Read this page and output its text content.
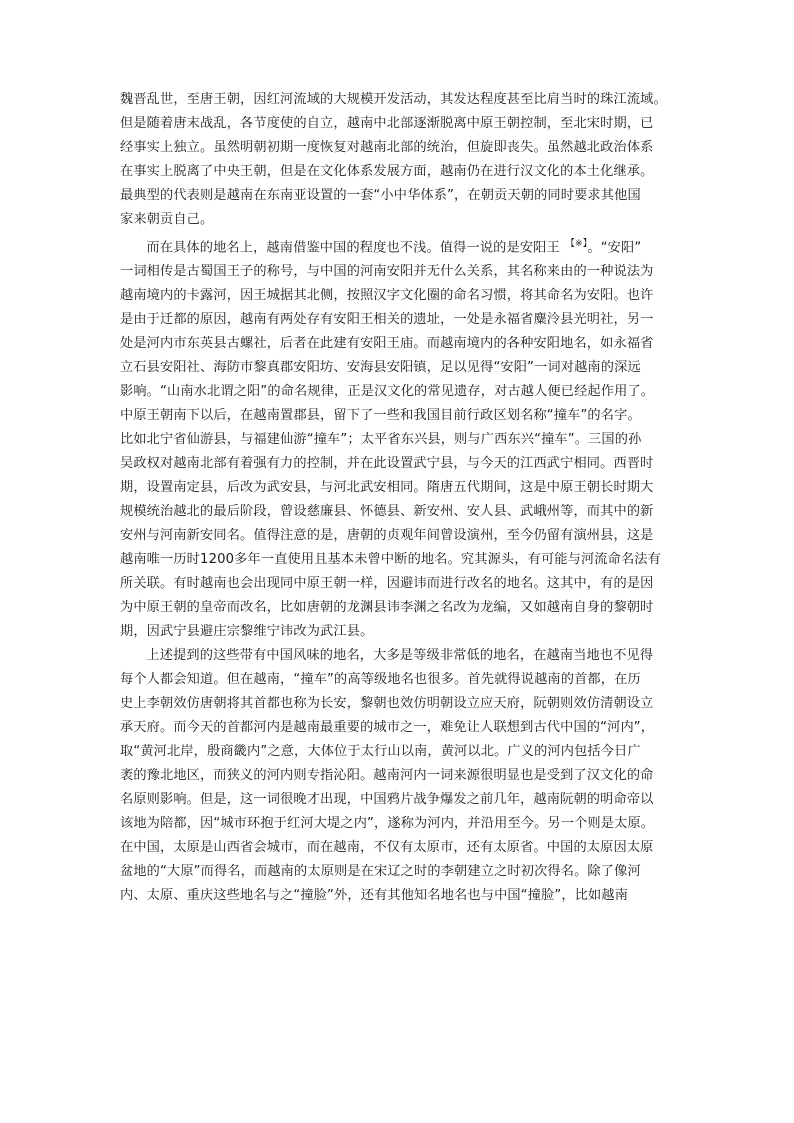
魏晋乱世，至唐王朝，因红河流域的大规模开发活动，其发达程度甚至比肩当时的珠江流域。

但是随着唐末战乱，各节度使的自立，越南中北部逐渐脱离中原王朝控制，至北宋时期，已

经事实上独立。虽然明朝初期一度恢复对越南北部的统治，但旋即丧失。虽然越北政治体系

在事实上脱离了中央王朝，但是在文化体系发展方面，越南仍在进行汉文化的本土化继承。

最典型的代表则是越南在东南亚设置的一套“小中华体系”，在朝贡天朝的同时要求其他国

家来朝贡自己。

而在具体的地名上，越南借鉴中国的程度也不浅。值得一说的是安阳王 【※】。“安阳”

一词相传是古蜀国王子的称号，与中国的河南安阳并无什么关系，其名称来由的一种说法为

越南境内的卡露河，因王城据其北侧，按照汉字文化圈的命名习惯，将其命名为安阳。也许

是由于迁都的原因，越南有两处存有安阳王相关的遗址，一处是永福省麋泠县光明社，另一

处是河内市东英县古螺社，后者在此建有安阳王庙。而越南境内的各种安阳地名，如永福省

立石县安阳社、海防市黎真郡安阳坊、安海县安阳镇，足以见得“安阳”一词对越南的深远

影响。“山南水北谓之阳”的命名规律，正是汉文化的常见遗存，对古越人便已经起作用了。

中原王朝南下以后，在越南置郡县，留下了一些和我国目前行政区划名称“撞车”的名字。

比如北宁省仙游县，与福建仙游“撞车”；太平省东兴县，则与广西东兴“撞车”。三国的孙

吴政权对越南北部有着强有力的控制，并在此设置武宁县，与今天的江西武宁相同。西晋时

期，设置南定县，后改为武安县，与河北武安相同。隋唐五代期间，这是中原王朝长时期大

规模统治越北的最后阶段，曾设慈廉县、怀德县、新安州、安人县、武峨州等，而其中的新

安州与河南新安同名。值得注意的是，唐朝的贞观年间曾设演州，至今仍留有演州县，这是

越南唯一历时1200多年一直使用且基本未曾中断的地名。究其源头，有可能与河流命名法有

所关联。有时越南也会出现同中原王朝一样，因避讳而进行改名的地名。这其中，有的是因

为中原王朝的皇帝而改名，比如唐朝的龙渊县讳李渊之名改为龙编，又如越南自身的黎朝时

期，因武宁县避庄宗黎维宁讳改为武江县。

上述提到的这些带有中国风味的地名，大多是等级非常低的地名，在越南当地也不见得

每个人都会知道。但在越南，“撞车”的高等级地名也很多。首先就得说越南的首都，在历

史上李朝效仿唐朝将其首都也称为长安，黎朝也效仿明朝设立应天府，阮朝则效仿清朝设立

承天府。而今天的首都河内是越南最重要的城市之一，难免让人联想到古代中国的“河内”，

取“黄河北岸，殷商畿内”之意，大体位于太行山以南，黄河以北。广义的河内包括今日广

袤的豫北地区，而狭义的河内则专指沁阳。越南河内一词来源很明显也是受到了汉文化的命

名原则影响。但是，这一词很晚才出现，中国鸦片战争爆发之前几年，越南阮朝的明命帝以

该地为陪都，因“城市环抱于红河大堤之内”，遂称为河内，并沿用至今。另一个则是太原。

在中国，太原是山西省会城市，而在越南，不仅有太原市，还有太原省。中国的太原因太原

盆地的“大原”而得名，而越南的太原则是在宋辽之时的李朝建立之时初次得名。除了像河

内、太原、重庆这些地名与之“撞脸”外，还有其他知名地名也与中国“撞脸”，比如越南
